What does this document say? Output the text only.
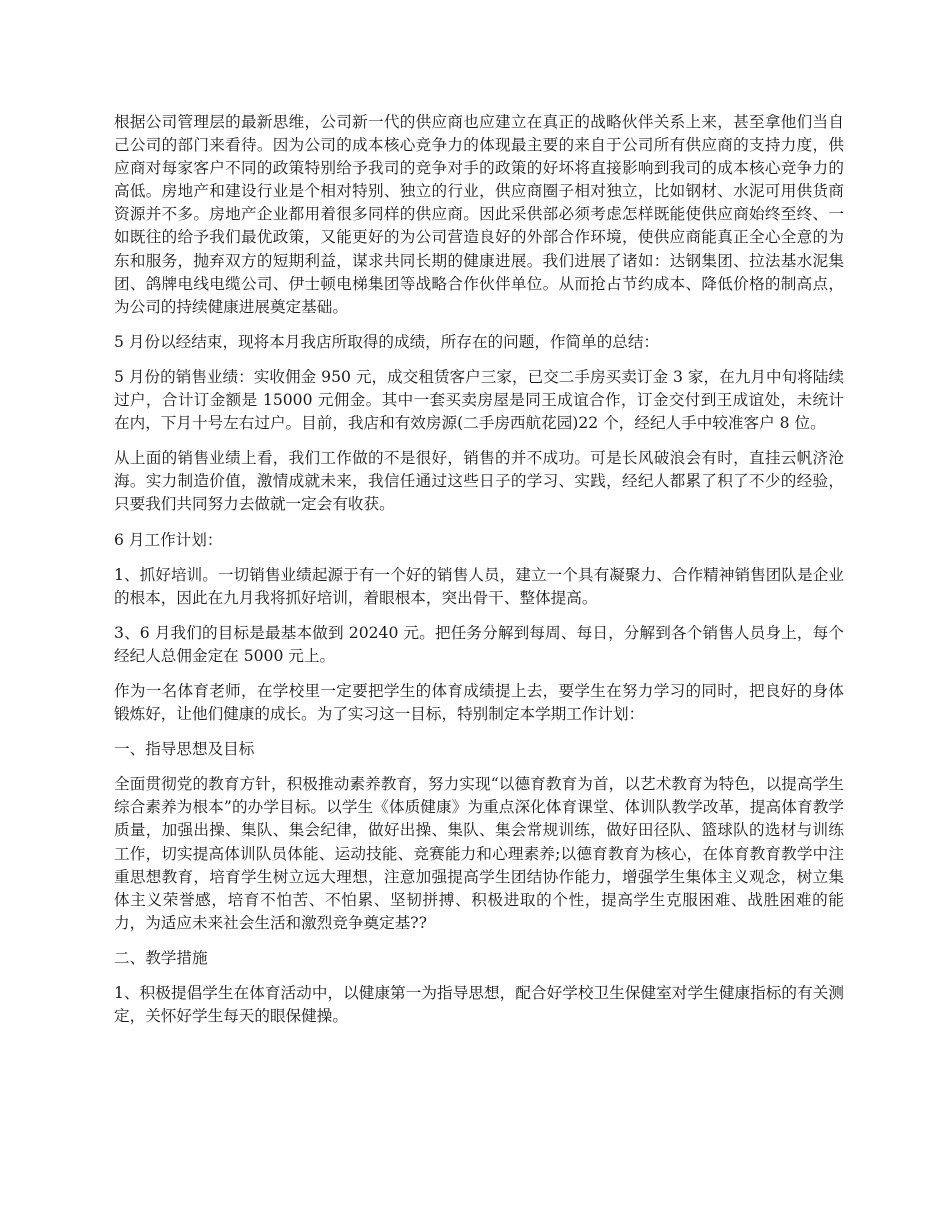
根据公司管理层的最新思维，公司新一代的供应商也应建立在真正的战略伙伴关系上来，甚至拿他们当自己公司的部门来看待。因为公司的成本核心竞争力的体现最主要的来自于公司所有供应商的支持力度，供应商对每家客户不同的政策特别给予我司的竞争对手的政策的好坏将直接影响到我司的成本核心竞争力的高低。房地产和建设行业是个相对特别、独立的行业，供应商圈子相对独立，比如钢材、水泥可用供货商资源并不多。房地产企业都用着很多同样的供应商。因此采供部必须考虑怎样既能使供应商始终至终、一如既往的给予我们最优政策，又能更好的为公司营造良好的外部合作环境，使供应商能真正全心全意的为东和服务，抛弃双方的短期利益，谋求共同长期的健康进展。我们进展了诸如：达钢集团、拉法基水泥集团、鸽牌电线电缆公司、伊士顿电梯集团等战略合作伙伴单位。从而抢占节约成本、降低价格的制高点，为公司的持续健康进展奠定基础。

5 月份以经结束，现将本月我店所取得的成绩，所存在的问题，作简单的总结：

5 月份的销售业绩：实收佣金 950 元，成交租赁客户三家，已交二手房买卖订金 3 家，在九月中旬将陆续过户，合计订金额是 15000 元佣金。其中一套买卖房屋是同王成谊合作，订金交付到王成谊处，未统计在内，下月十号左右过户。目前，我店和有效房源(二手房西航花园)22 个，经纪人手中较准客户 8 位。

从上面的销售业绩上看，我们工作做的不是很好，销售的并不成功。可是长风破浪会有时，直挂云帆济沧海。实力制造价值，激情成就未来，我信任通过这些日子的学习、实践，经纪人都累了积了不少的经验，只要我们共同努力去做就一定会有收获。

6 月工作计划：

1、抓好培训。一切销售业绩起源于有一个好的销售人员，建立一个具有凝聚力、合作精神销售团队是企业的根本，因此在九月我将抓好培训，着眼根本，突出骨干、整体提高。

3、6 月我们的目标是最基本做到 20240 元。把任务分解到每周、每日，分解到各个销售人员身上，每个经纪人总佣金定在 5000 元上。

作为一名体育老师，在学校里一定要把学生的体育成绩提上去，要学生在努力学习的同时，把良好的身体锻炼好，让他们健康的成长。为了实习这一目标，特别制定本学期工作计划：

一、指导思想及目标

全面贯彻党的教育方针，积极推动素养教育，努力实现“以德育教育为首，以艺术教育为特色，以提高学生综合素养为根本”的办学目标。以学生《体质健康》为重点深化体育课堂、体训队教学改革，提高体育教学质量，加强出操、集队、集会纪律，做好出操、集队、集会常规训练，做好田径队、篮球队的选材与训练工作，切实提高体训队员体能、运动技能、竞赛能力和心理素养;以德育教育为核心，在体育教育教学中注重思想教育，培育学生树立远大理想，注意加强提高学生团结协作能力，增强学生集体主义观念，树立集体主义荣誉感，培育不怕苦、不怕累、坚韧拼搏、积极进取的个性，提高学生克服困难、战胜困难的能力，为适应未来社会生活和激烈竞争奠定基??

二、教学措施

1、积极提倡学生在体育活动中，以健康第一为指导思想，配合好学校卫生保健室对学生健康指标的有关测定，关怀好学生每天的眼保健操。
